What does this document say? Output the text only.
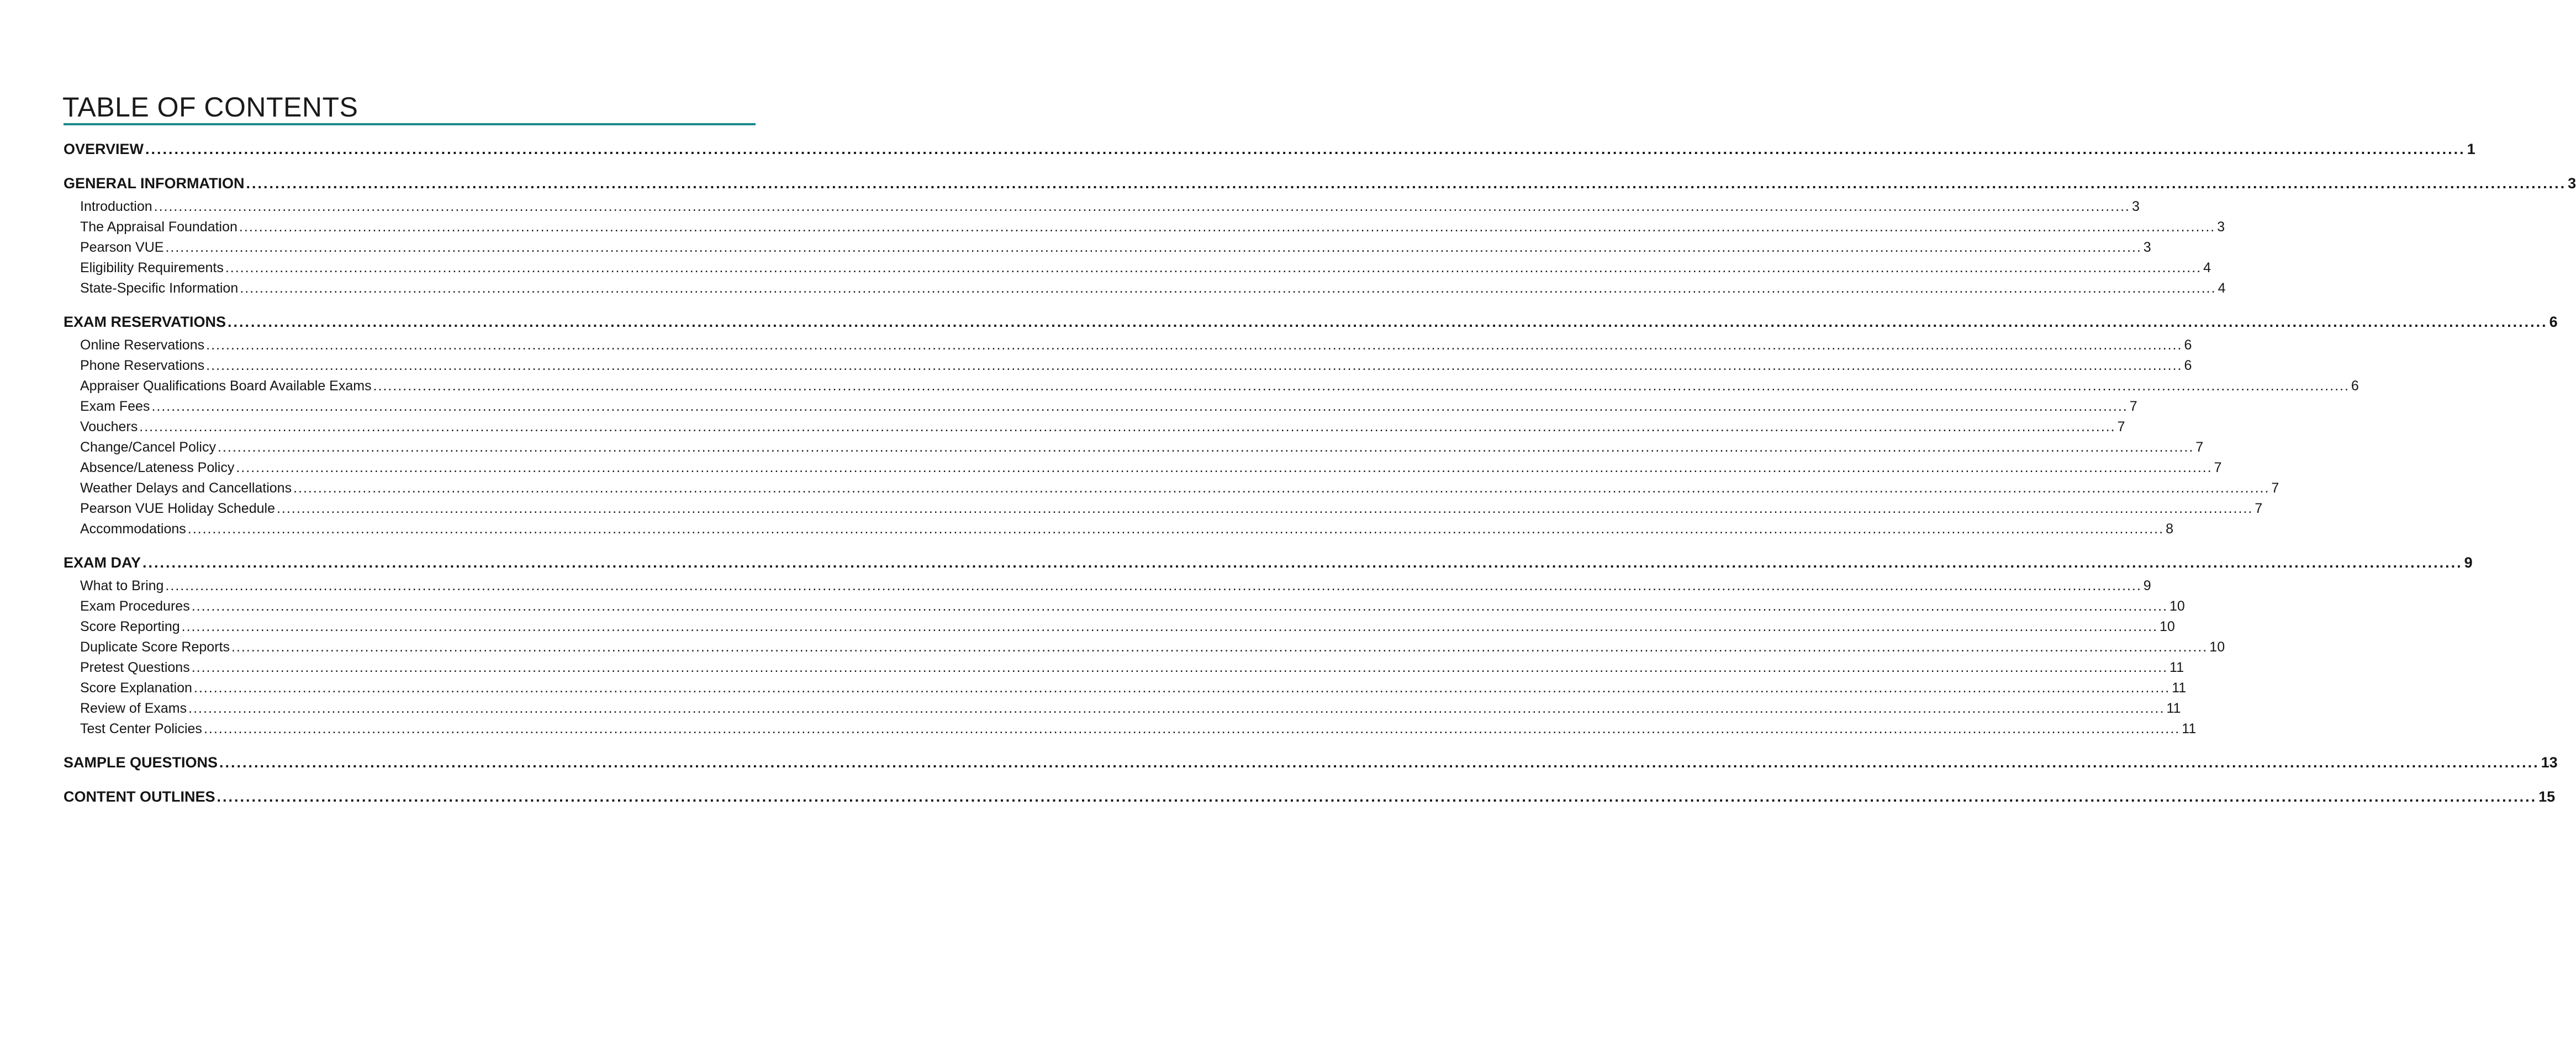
TABLE OF CONTENTS
OVERVIEW ................................................................................................................................................................................................................................................................................................................................................................................................................ 1
GENERAL INFORMATION ................................................................................................................................................................................................................................................................................................................................................................................................................ 3
Introduction ................................................................................................................................................................................................................................................................................................................................................................................................................ 3
The Appraisal Foundation ................................................................................................................................................................................................................................................................................................................................................................................................................ 3
Pearson VUE ................................................................................................................................................................................................................................................................................................................................................................................................................ 3
Eligibility Requirements ................................................................................................................................................................................................................................................................................................................................................................................................................ 4
State-Specific Information ................................................................................................................................................................................................................................................................................................................................................................................................................ 4
EXAM RESERVATIONS ................................................................................................................................................................................................................................................................................................................................................................................................................ 6
Online Reservations ................................................................................................................................................................................................................................................................................................................................................................................................................ 6
Phone Reservations ................................................................................................................................................................................................................................................................................................................................................................................................................ 6
Appraiser Qualifications Board Available Exams ................................................................................................................................................................................................................................................................................................................................................................................................................ 6
Exam Fees ................................................................................................................................................................................................................................................................................................................................................................................................................ 7
Vouchers ................................................................................................................................................................................................................................................................................................................................................................................................................ 7
Change/Cancel Policy ................................................................................................................................................................................................................................................................................................................................................................................................................ 7
Absence/Lateness Policy ................................................................................................................................................................................................................................................................................................................................................................................................................ 7
Weather Delays and Cancellations ................................................................................................................................................................................................................................................................................................................................................................................................................ 7
Pearson VUE Holiday Schedule ................................................................................................................................................................................................................................................................................................................................................................................................................ 7
Accommodations ................................................................................................................................................................................................................................................................................................................................................................................................................ 8
EXAM DAY ................................................................................................................................................................................................................................................................................................................................................................................................................ 9
What to Bring ................................................................................................................................................................................................................................................................................................................................................................................................................ 9
Exam Procedures ................................................................................................................................................................................................................................................................................................................................................................................................................ 10
Score Reporting ................................................................................................................................................................................................................................................................................................................................................................................................................ 10
Duplicate Score Reports ................................................................................................................................................................................................................................................................................................................................................................................................................ 10
Pretest Questions ................................................................................................................................................................................................................................................................................................................................................................................................................ 11
Score Explanation ................................................................................................................................................................................................................................................................................................................................................................................................................ 11
Review of Exams ................................................................................................................................................................................................................................................................................................................................................................................................................ 11
Test Center Policies ................................................................................................................................................................................................................................................................................................................................................................................................................ 11
SAMPLE QUESTIONS ................................................................................................................................................................................................................................................................................................................................................................................................................ 13
CONTENT OUTLINES ................................................................................................................................................................................................................................................................................................................................................................................................................ 15
